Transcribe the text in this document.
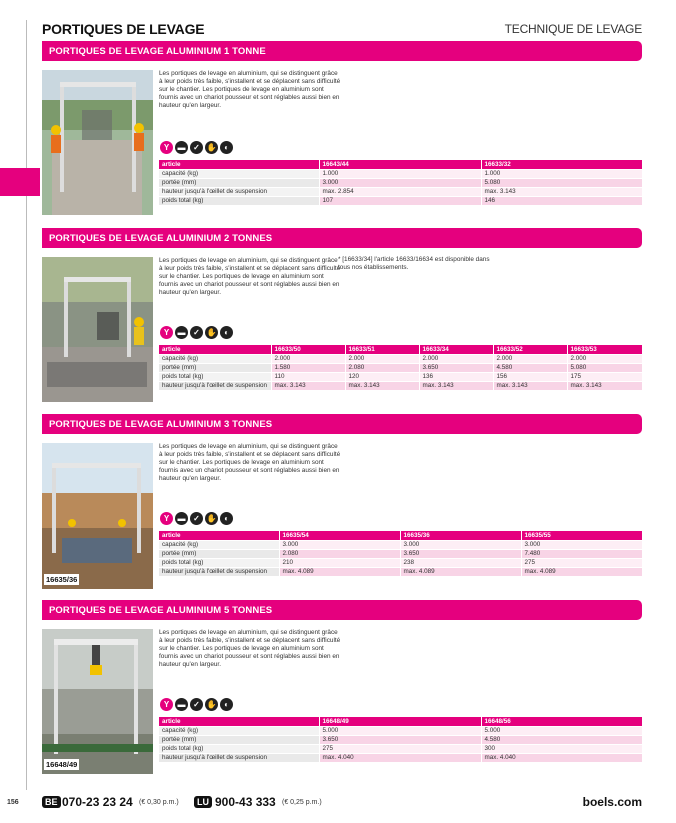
PORTIQUES DE LEVAGE	TECHNIQUE DE LEVAGE
PORTIQUES DE LEVAGE ALUMINIUM 1 TONNE
Les portiques de levage en aluminium, qui se distinguent grâce à leur poids très faible, s'installent et se déplacent sans difficulté sur le chantier. Les portiques de levage en aluminium sont fournis avec un chariot pousseur et sont réglables aussi bien en hauteur qu'en largeur.
Y	▬ ✓ ✋ ◐
article	16643/44	16633/32
capacité (kg)	1.000	1.000
portée (mm)	3.000	5.080
hauteur jusqu'à l'œillet de suspension	max. 2.854	max. 3.143
poids total (kg)	107	146
PORTIQUES DE LEVAGE ALUMINIUM 2 TONNES
Les portiques de levage en aluminium, qui se distinguent grâce à leur poids très faible, s'installent et se déplacent sans difficulté sur le chantier. Les portiques de levage en aluminium sont fournis avec un chariot pousseur et sont réglables aussi bien en hauteur qu'en largeur.
* [16633/34] l'article 16633/16634 est disponible dans tous nos établissements.
Y	▬ ✓ ✋ ◐
article	16633/50	16633/51	16633/34	16633/52	16633/53
capacité (kg)	2.000	2.000	2.000	2.000	2.000
portée (mm)	1.580	2.080	3.650	4.580	5.080
poids total (kg)	110	120	136	156	175
hauteur jusqu'à l'œillet de suspension	max. 3.143	max. 3.143	max. 3.143	max. 3.143	max. 3.143
PORTIQUES DE LEVAGE ALUMINIUM 3 TONNES
16635/36
Les portiques de levage en aluminium, qui se distinguent grâce à leur poids très faible, s'installent et se déplacent sans difficulté sur le chantier. Les portiques de levage en aluminium sont fournis avec un chariot pousseur et sont réglables aussi bien en hauteur qu'en largeur.
Y	▬ ✓ ✋ ◐
article	16635/54	16635/36	16635/55
capacité (kg)	3.000	3.000	3.000
portée (mm)	2.080	3.650	7.480
poids total (kg)	210	238	275
hauteur jusqu'à l'œillet de suspension	max. 4.089	max. 4.089	max. 4.089
PORTIQUES DE LEVAGE ALUMINIUM 5 TONNES
16648/49
Les portiques de levage en aluminium, qui se distinguent grâce à leur poids très faible, s'installent et se déplacent sans difficulté sur le chantier. Les portiques de levage en aluminium sont fournis avec un chariot pousseur et sont réglables aussi bien en hauteur qu'en largeur.
Y	▬ ✓ ✋ ◐
article	16648/49	16648/56
capacité (kg)	5.000	5.000
portée (mm)	3.650	4.580
poids total (kg)	275	300
hauteur jusqu'à l'œillet de suspension	max. 4.040	max. 4.040
156	BE 070-23 23 24 (€ 0,30 p.m.)	LU 900-43 333 (€ 0,25 p.m.)	boels.com
